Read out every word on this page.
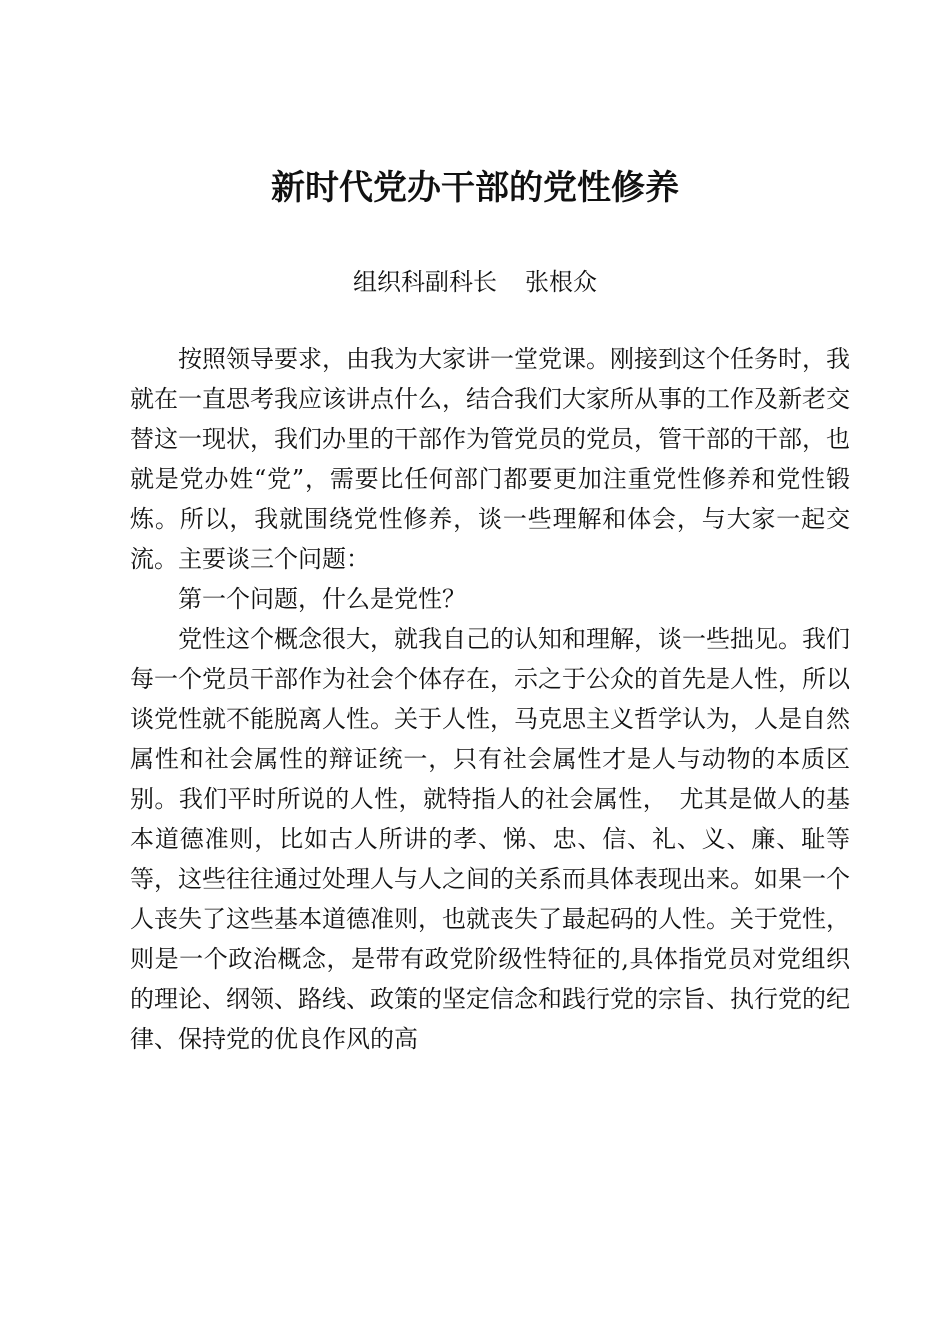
新时代党办干部的党性修养

组织科副科长 张根众

按照领导要求，由我为大家讲一堂党课。刚接到这个任务时，我就在一直思考我应该讲点什么，结合我们大家所从事的工作及新老交替这一现状，我们办里的干部作为管党员的党员，管干部的干部，也就是党办姓“党”，需要比任何部门都要更加注重党性修养和党性锻炼。所以，我就围绕党性修养，谈一些理解和体会，与大家一起交流。主要谈三个问题：

第一个问题，什么是党性？

党性这个概念很大，就我自己的认知和理解，谈一些拙见。我们每一个党员干部作为社会个体存在，示之于公众的首先是人性，所以谈党性就不能脱离人性。关于人性，马克思主义哲学认为，人是自然属性和社会属性的辩证统一，只有社会属性才是人与动物的本质区别。我们平时所说的人性，就特指人的社会属性，　尤其是做人的基本道德准则，比如古人所讲的孝、悌、忠、信、礼、义、廉、耻等等，这些往往通过处理人与人之间的关系而具体表现出来。如果一个人丧失了这些基本道德准则，也就丧失了最起码的人性。关于党性，则是一个政治概念，是带有政党阶级性特征的,具体指党员对党组织的理论、纲领、路线、政策的坚定信念和践行党的宗旨、执行党的纪律、保持党的优良作风的高
